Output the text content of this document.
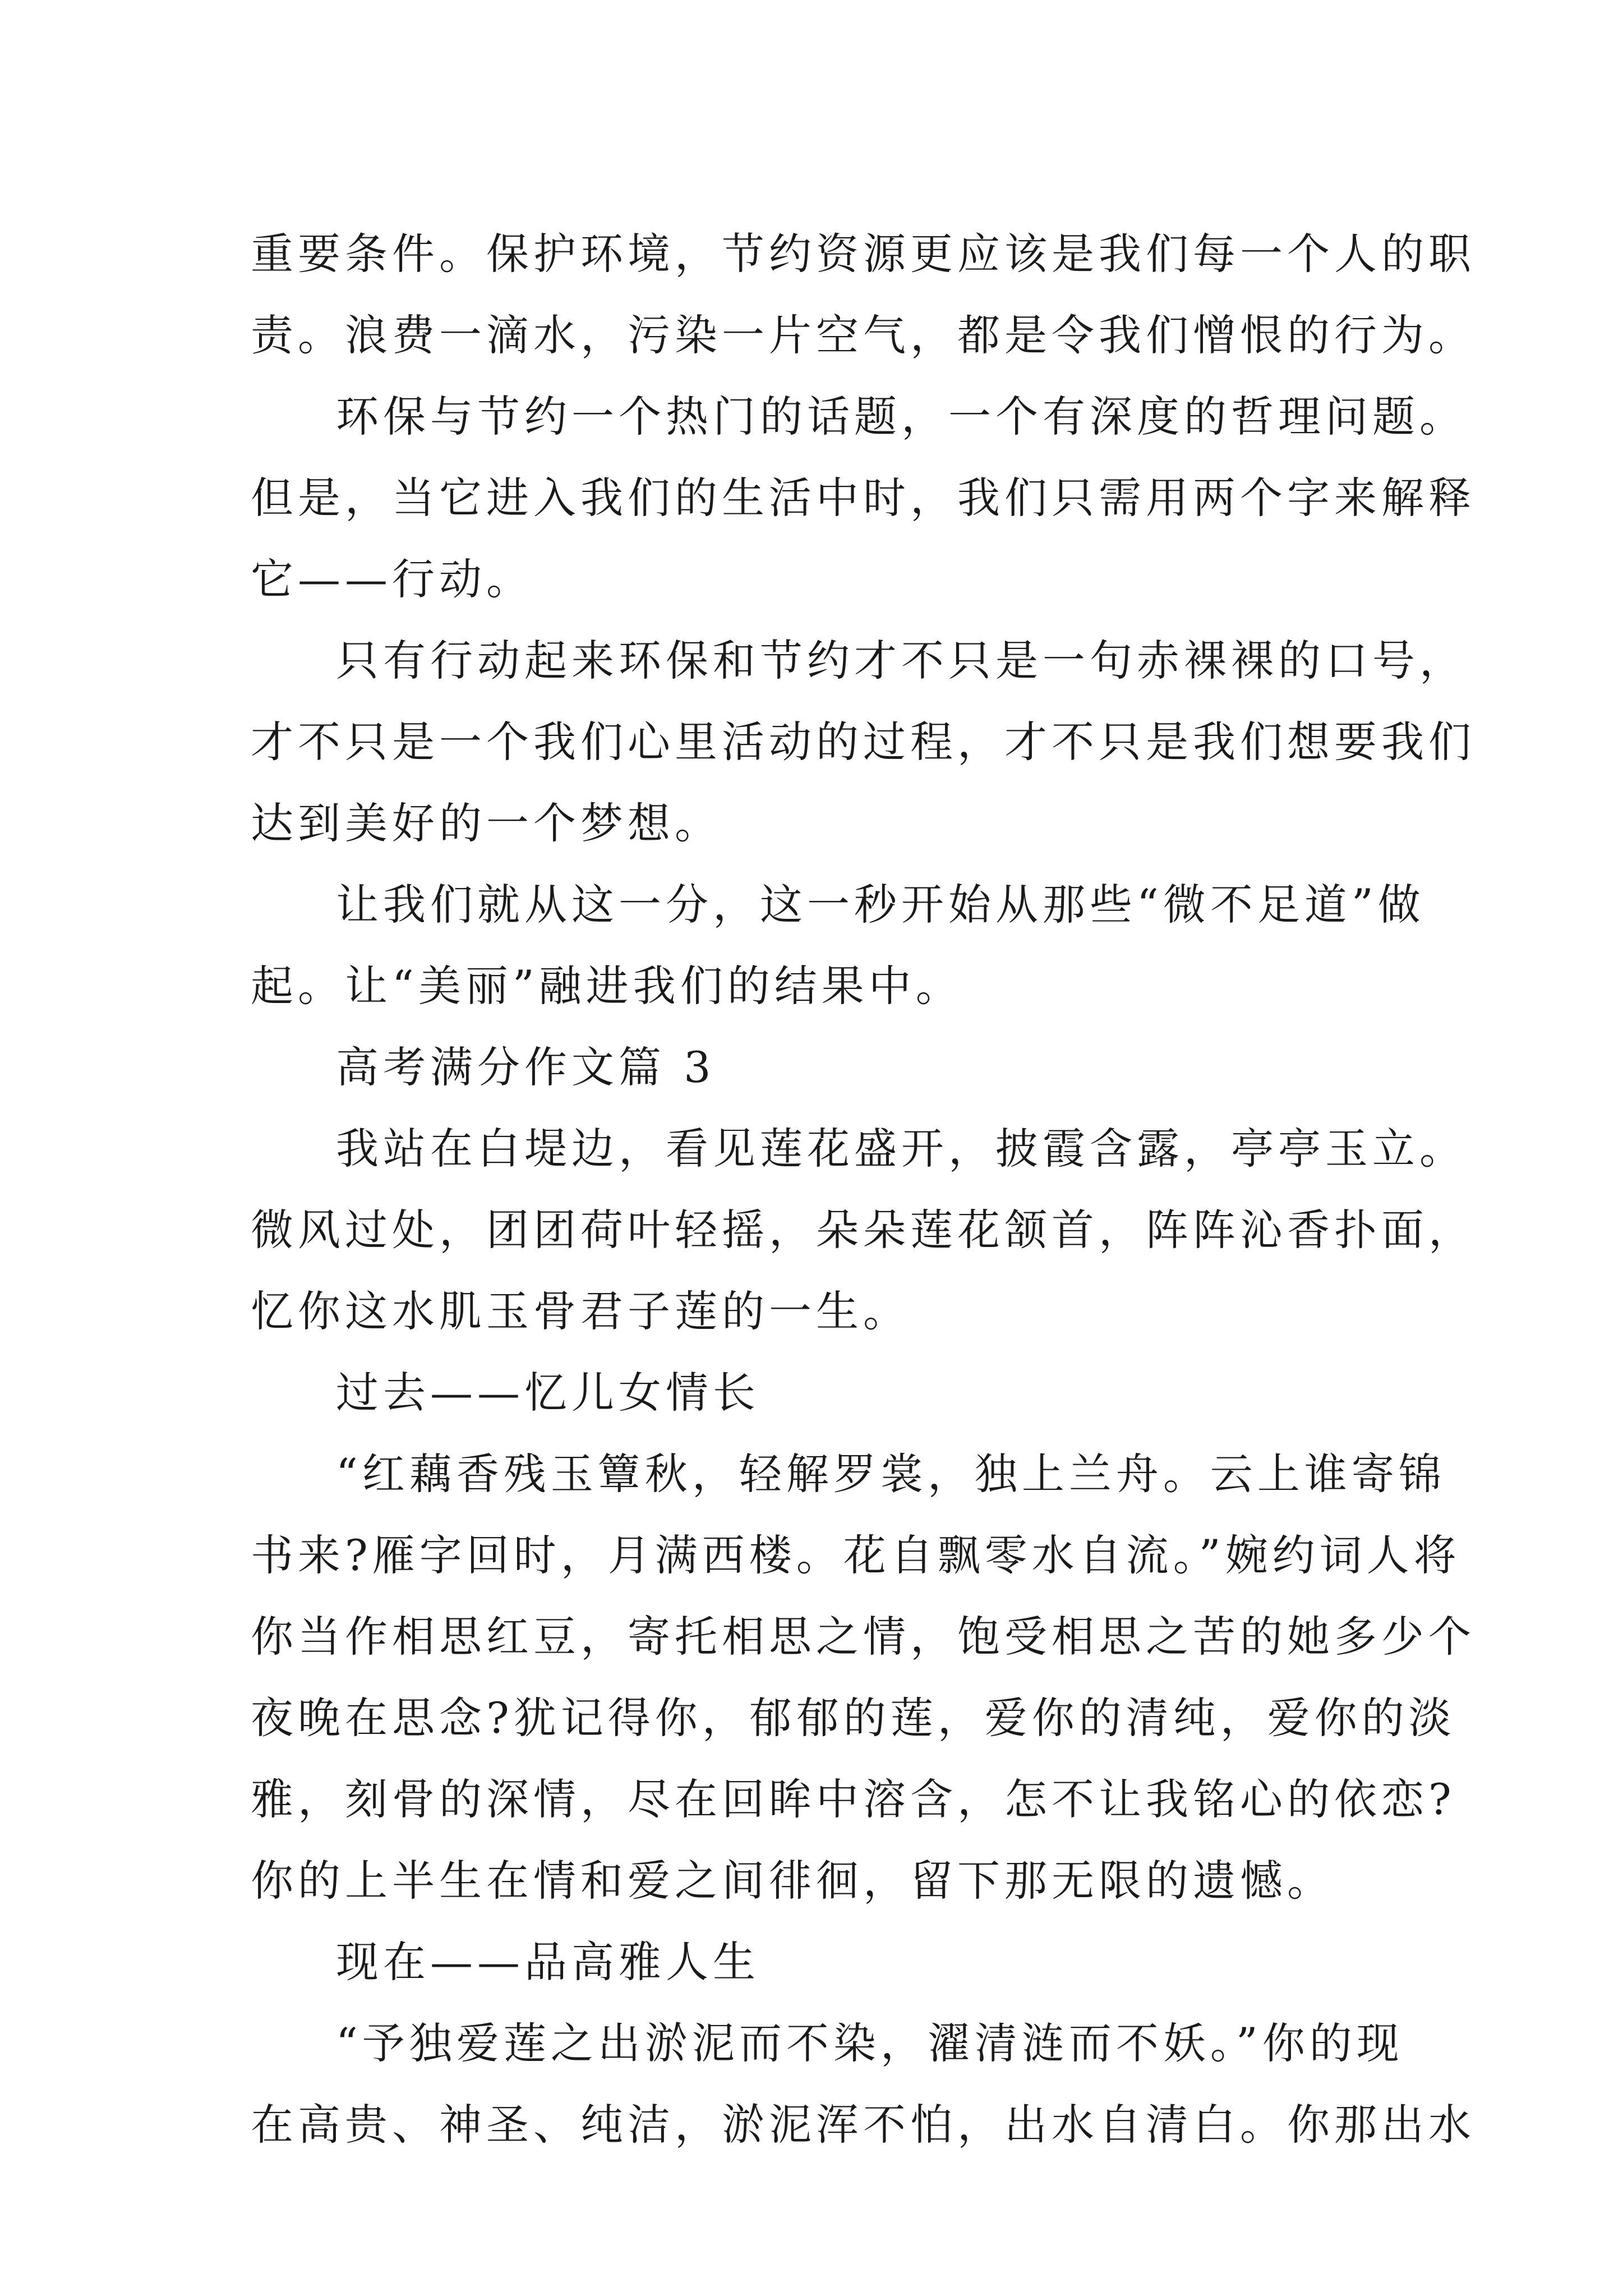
重要条件。保护环境，节约资源更应该是我们每一个人的职
责。浪费一滴水，污染一片空气，都是令我们憎恨的行为。
环保与节约一个热门的话题，一个有深度的哲理问题。
但是，当它进入我们的生活中时，我们只需用两个字来解释
它——行动。
只有行动起来环保和节约才不只是一句赤裸裸的口号，
才不只是一个我们心里活动的过程，才不只是我们想要我们
达到美好的一个梦想。
让我们就从这一分，这一秒开始从那些“微不足道”做
起。让“美丽”融进我们的结果中。
高考满分作文篇 3
我站在白堤边，看见莲花盛开，披霞含露，亭亭玉立。
微风过处，团团荷叶轻摇，朵朵莲花颔首，阵阵沁香扑面，
忆你这水肌玉骨君子莲的一生。
过去——忆儿女情长
“红藕香残玉簟秋，轻解罗裳，独上兰舟。云上谁寄锦
书来?雁字回时，月满西楼。花自飘零水自流。”婉约词人将
你当作相思红豆，寄托相思之情，饱受相思之苦的她多少个
夜晚在思念?犹记得你，郁郁的莲，爱你的清纯，爱你的淡
雅，刻骨的深情，尽在回眸中溶含，怎不让我铭心的依恋?
你的上半生在情和爱之间徘徊，留下那无限的遗憾。
现在——品高雅人生
“予独爱莲之出淤泥而不染，濯清涟而不妖。”你的现
在高贵、神圣、纯洁，淤泥浑不怕，出水自清白。你那出水
